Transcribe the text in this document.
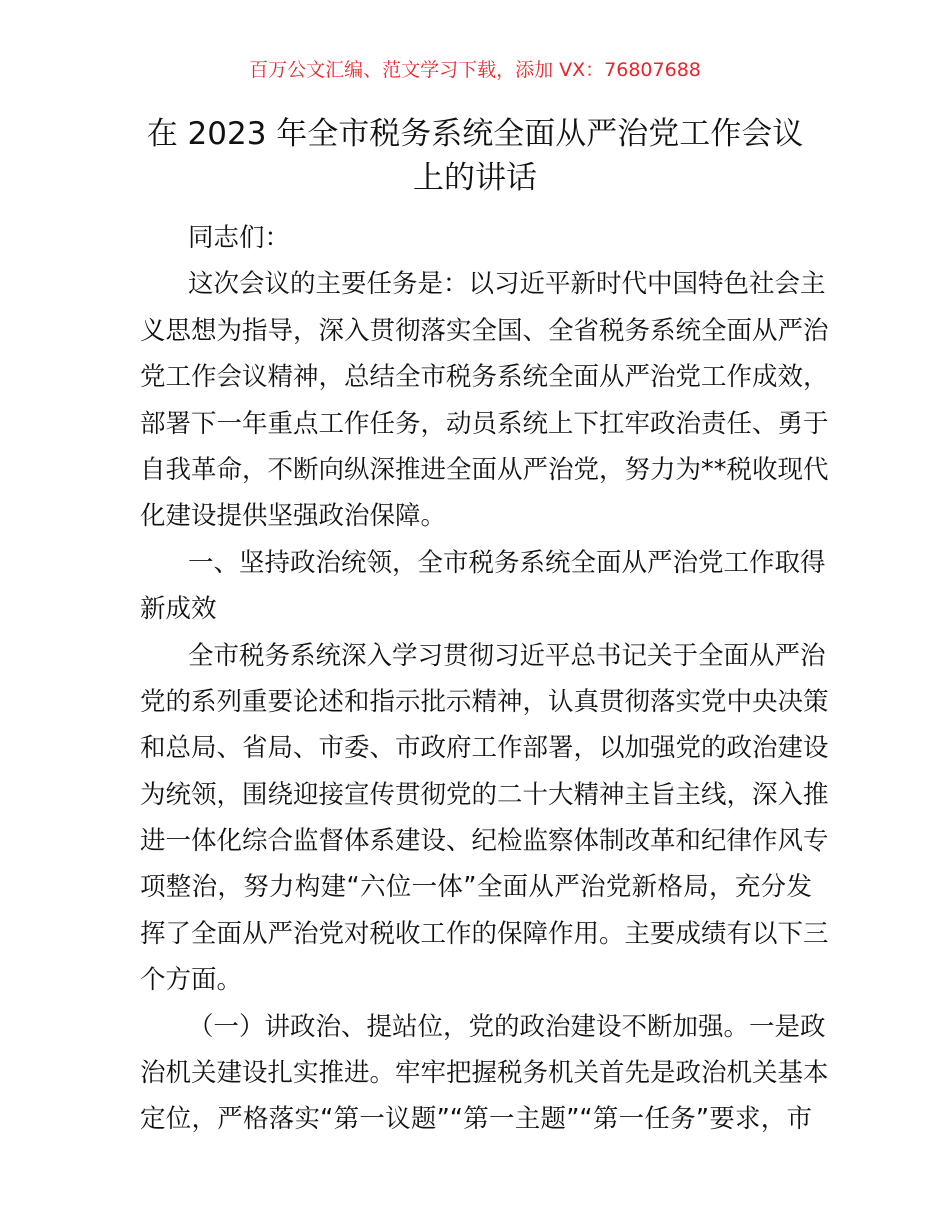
百万公文汇编、范文学习下载，添加 VX：76807688
在 2023 年全市税务系统全面从严治党工作会议
上的讲话
同志们：
这次会议的主要任务是：以习近平新时代中国特色社会主
义思想为指导，深入贯彻落实全国、全省税务系统全面从严治
党工作会议精神，总结全市税务系统全面从严治党工作成效，
部署下一年重点工作任务，动员系统上下扛牢政治责任、勇于
自我革命，不断向纵深推进全面从严治党，努力为**税收现代
化建设提供坚强政治保障。
一、坚持政治统领，全市税务系统全面从严治党工作取得
新成效
全市税务系统深入学习贯彻习近平总书记关于全面从严治
党的系列重要论述和指示批示精神，认真贯彻落实党中央决策
和总局、省局、市委、市政府工作部署，以加强党的政治建设
为统领，围绕迎接宣传贯彻党的二十大精神主旨主线，深入推
进一体化综合监督体系建设、纪检监察体制改革和纪律作风专
项整治，努力构建“六位一体”全面从严治党新格局，充分发
挥了全面从严治党对税收工作的保障作用。主要成绩有以下三
个方面。
（一）讲政治、提站位，党的政治建设不断加强。一是政
治机关建设扎实推进。牢牢把握税务机关首先是政治机关基本
定位，严格落实“第一议题”“第一主题”“第一任务”要求，市
